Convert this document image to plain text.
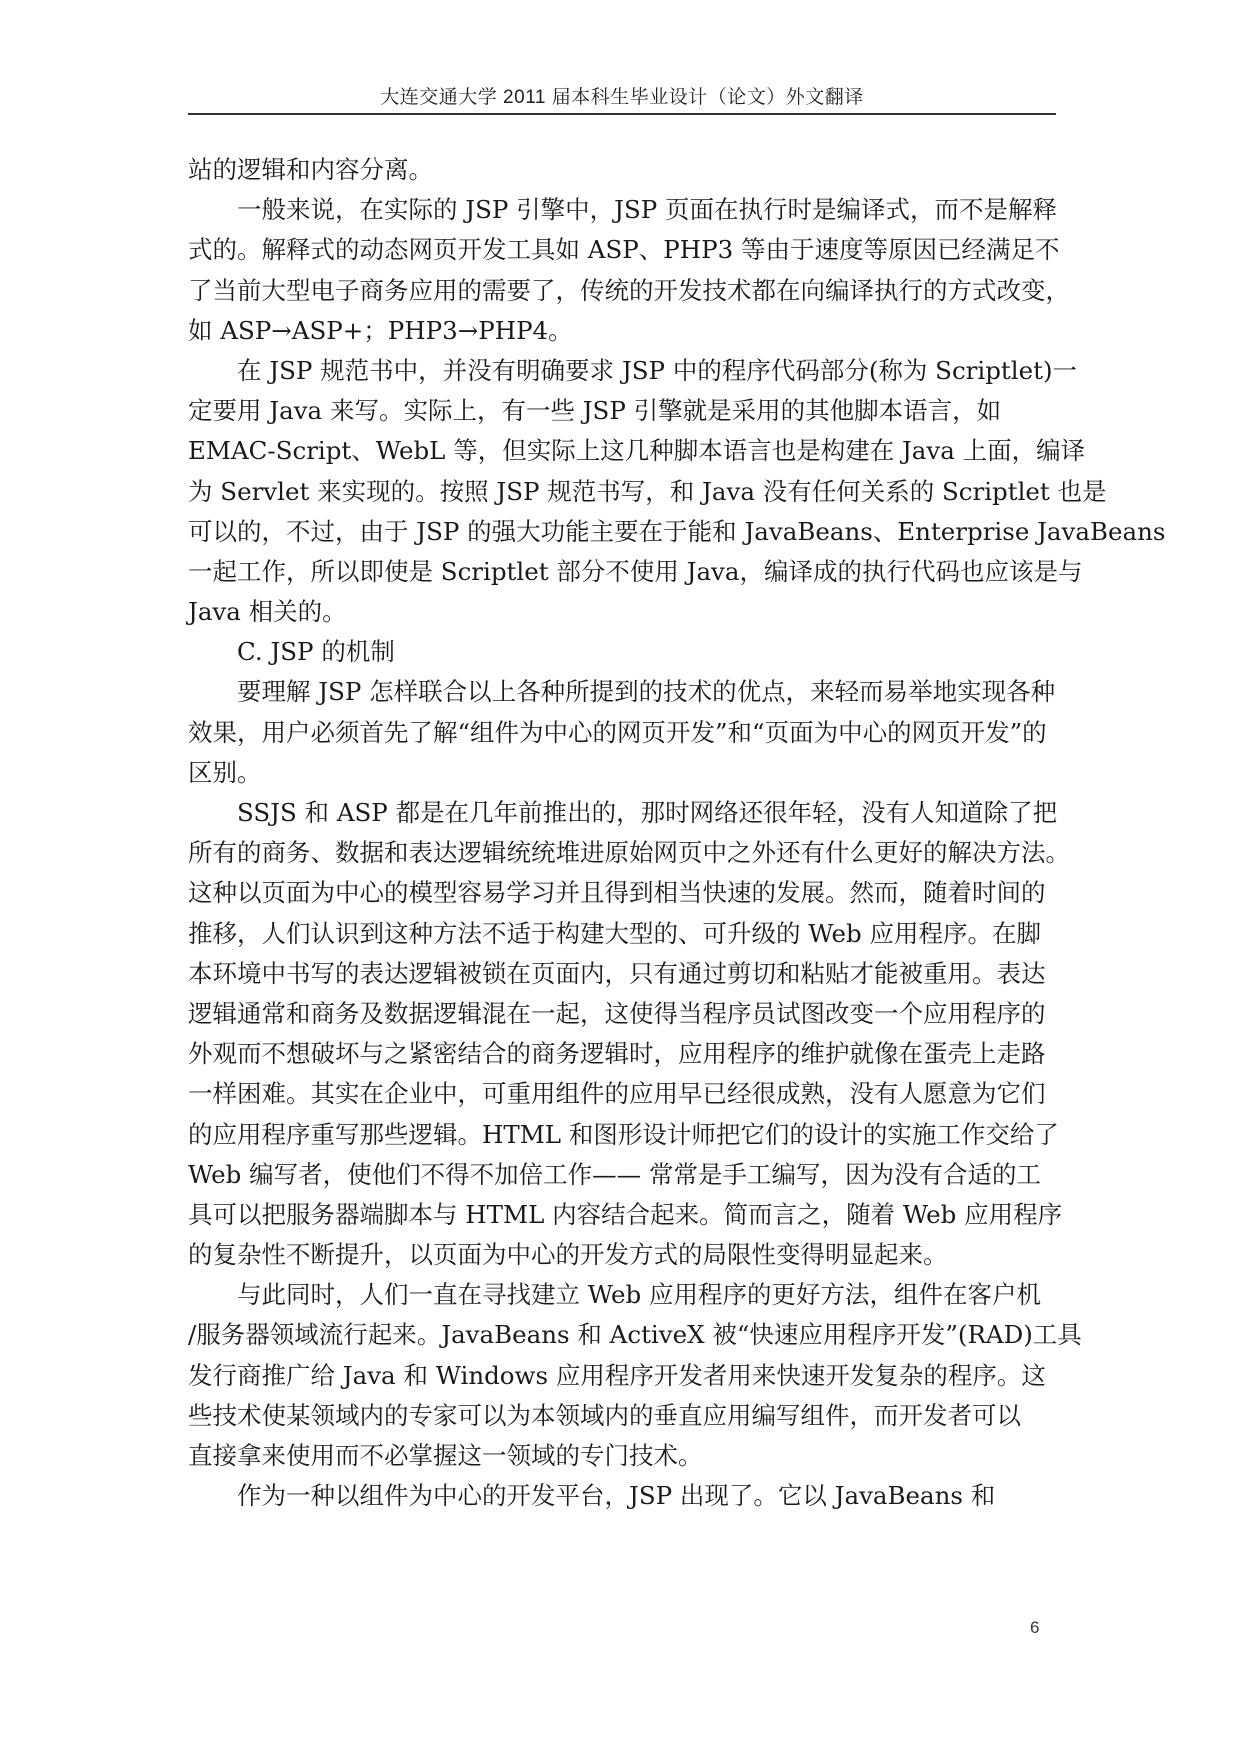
大连交通大学 2011 届本科生毕业设计（论文）外文翻译
站的逻辑和内容分离。
一般来说，在实际的 JSP 引擎中，JSP 页面在执行时是编译式，而不是解释
式的。解释式的动态网页开发工具如 ASP、PHP3 等由于速度等原因已经满足不
了当前大型电子商务应用的需要了，传统的开发技术都在向编译执行的方式改变，
如 ASP→ASP+；PHP3→PHP4。
在 JSP 规范书中，并没有明确要求 JSP 中的程序代码部分(称为 Scriptlet)一
定要用 Java 来写。实际上，有一些 JSP 引擎就是采用的其他脚本语言，如
EMAC-Script、WebL 等，但实际上这几种脚本语言也是构建在 Java 上面，编译
为 Servlet 来实现的。按照 JSP 规范书写，和 Java 没有任何关系的 Scriptlet 也是
可以的，不过，由于 JSP 的强大功能主要在于能和 JavaBeans、Enterprise JavaBeans
一起工作，所以即使是 Scriptlet 部分不使用 Java，编译成的执行代码也应该是与
Java 相关的。
C. JSP 的机制
要理解 JSP 怎样联合以上各种所提到的技术的优点，来轻而易举地实现各种
效果，用户必须首先了解“组件为中心的网页开发”和“页面为中心的网页开发”的
区别。
SSJS 和 ASP 都是在几年前推出的，那时网络还很年轻，没有人知道除了把
所有的商务、数据和表达逻辑统统堆进原始网页中之外还有什么更好的解决方法。
这种以页面为中心的模型容易学习并且得到相当快速的发展。然而，随着时间的
推移，人们认识到这种方法不适于构建大型的、可升级的 Web 应用程序。在脚
本环境中书写的表达逻辑被锁在页面内，只有通过剪切和粘贴才能被重用。表达
逻辑通常和商务及数据逻辑混在一起，这使得当程序员试图改变一个应用程序的
外观而不想破坏与之紧密结合的商务逻辑时，应用程序的维护就像在蛋壳上走路
一样困难。其实在企业中，可重用组件的应用早已经很成熟，没有人愿意为它们
的应用程序重写那些逻辑。HTML 和图形设计师把它们的设计的实施工作交给了
Web 编写者，使他们不得不加倍工作—— 常常是手工编写，因为没有合适的工
具可以把服务器端脚本与 HTML 内容结合起来。简而言之，随着 Web 应用程序
的复杂性不断提升，以页面为中心的开发方式的局限性变得明显起来。
与此同时，人们一直在寻找建立 Web 应用程序的更好方法，组件在客户机
/服务器领域流行起来。JavaBeans 和 ActiveX 被“快速应用程序开发”(RAD)工具
发行商推广给 Java 和 Windows 应用程序开发者用来快速开发复杂的程序。这
些技术使某领域内的专家可以为本领域内的垂直应用编写组件，而开发者可以
直接拿来使用而不必掌握这一领域的专门技术。
作为一种以组件为中心的开发平台，JSP 出现了。它以 JavaBeans 和
6
